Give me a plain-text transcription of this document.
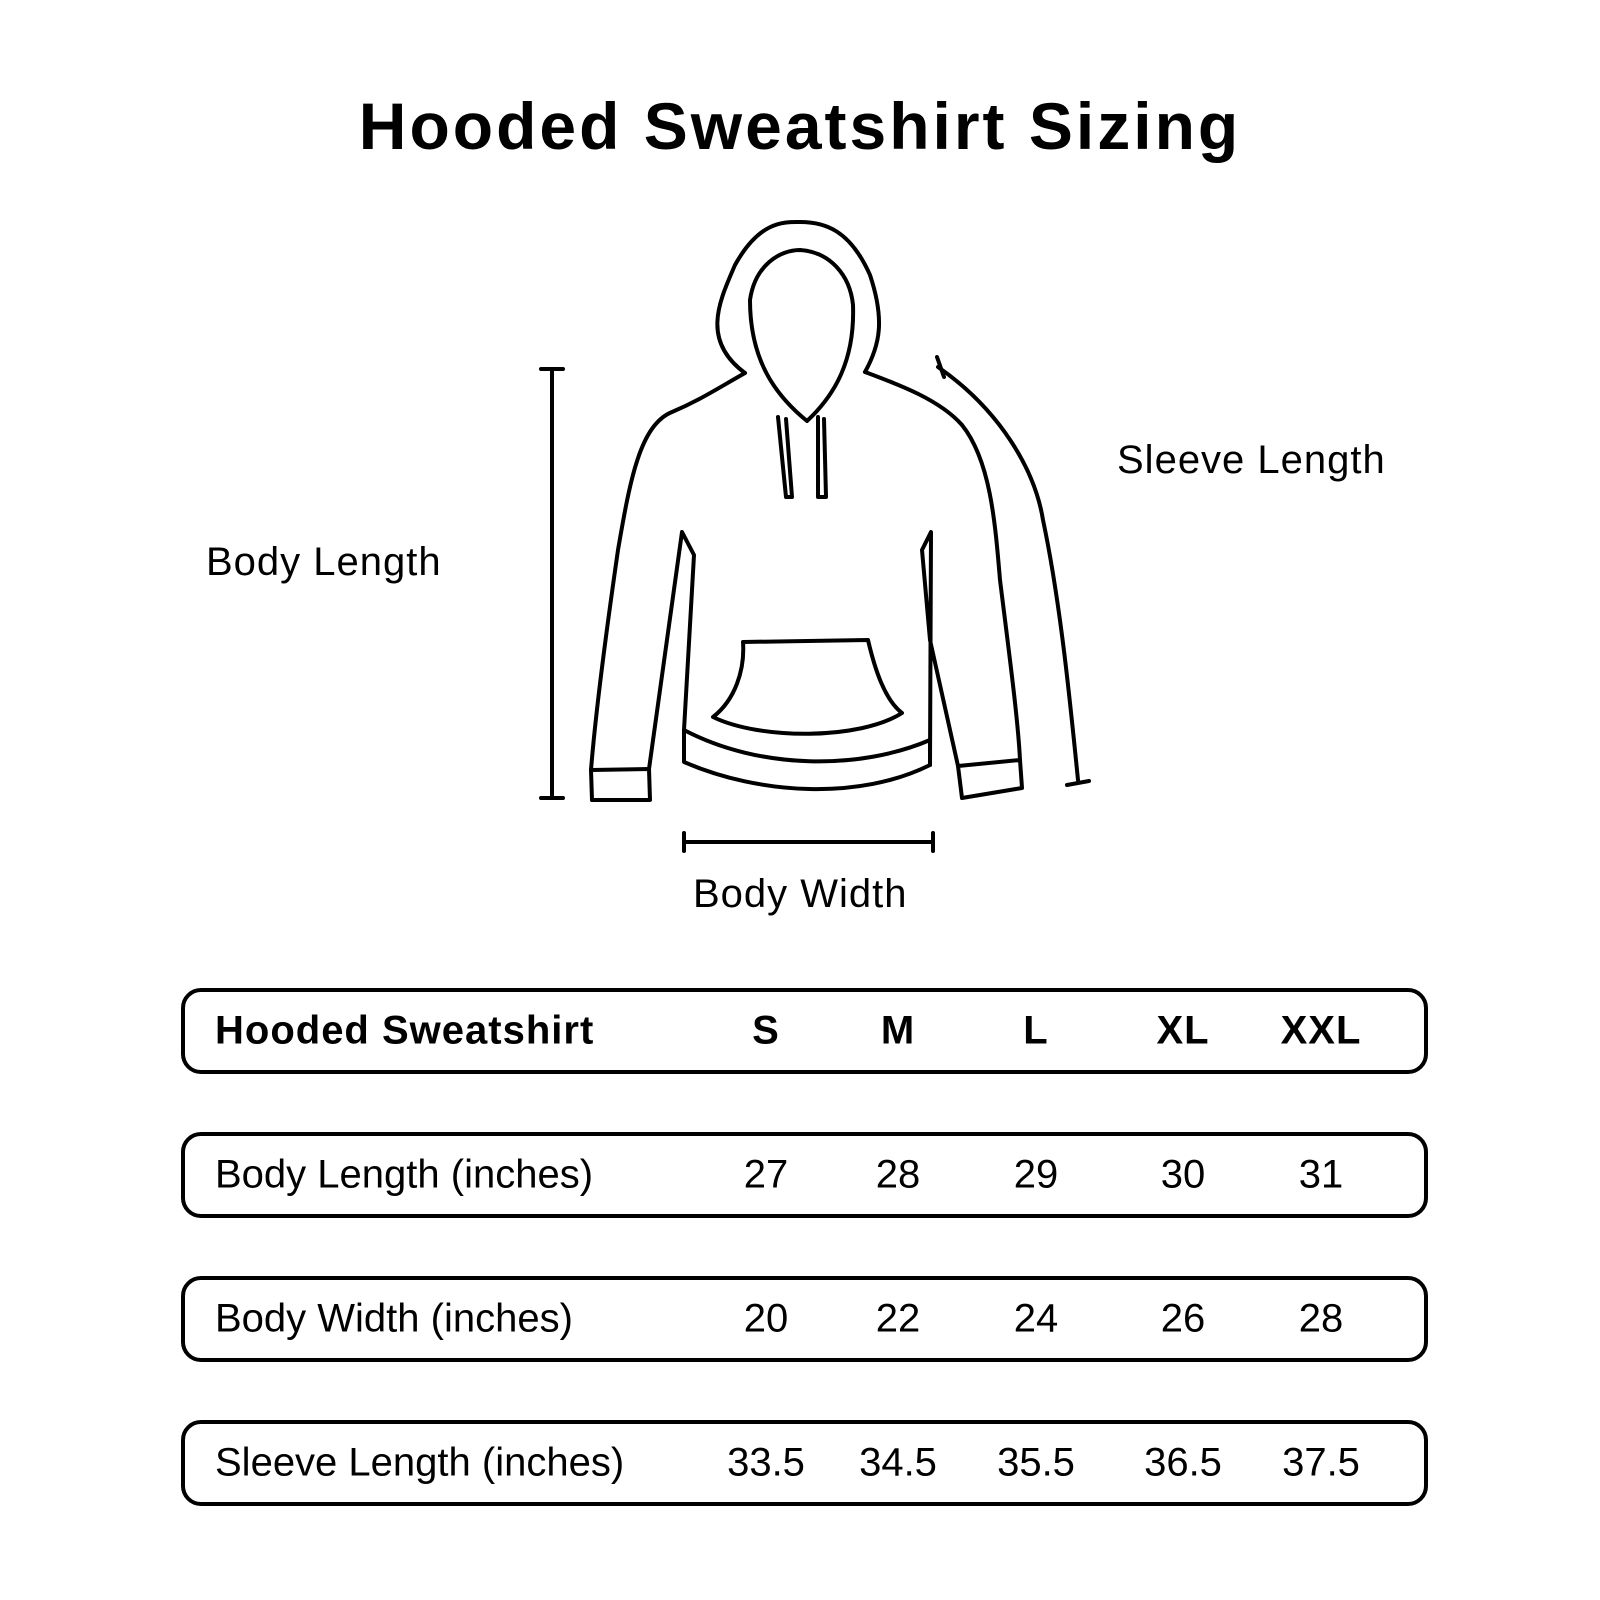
Hooded Sweatshirt Sizing
Body Length
Sleeve Length
Body Width
Hooded Sweatshirt	S	M	L	XL XXL
Body Length (inches)	27 28 29	30 31
Body Width (inches)	20 22 24	26 28
Sleeve Length (inches)	33.5 34.5 35.5 36.5 37.5
